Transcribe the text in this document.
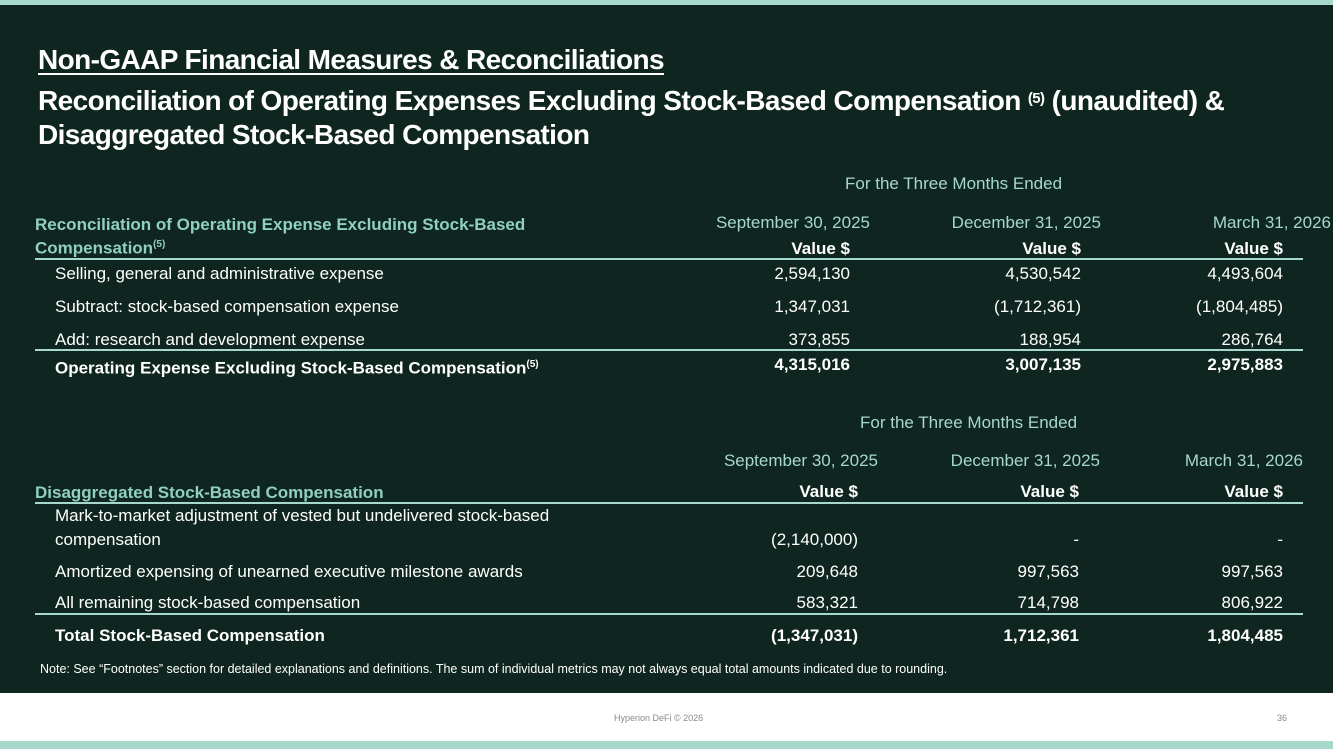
Non-GAAP Financial Measures & Reconciliations
Reconciliation of Operating Expenses Excluding Stock-Based Compensation $^{(5)}$ (unaudited) & Disaggregated Stock-Based Compensation
For the Three Months Ended
Reconciliation of Operating Expense Excluding Stock-Based Compensation$^{(5)}$
September 30, 2025	December 31, 2025	March 31, 2026
Value $	Value $	Value $
Selling, general and administrative expense	2,594,130	4,530,542	4,493,604
Subtract: stock-based compensation expense	1,347,031	(1,712,361)	(1,804,485)
Add: research and development expense	373,855	188,954	286,764
Operating Expense Excluding Stock-Based Compensation$^{(5)}$	4,315,016	3,007,135	2,975,883
For the Three Months Ended
September 30, 2025	December 31, 2025	March 31, 2026
Disaggregated Stock-Based Compensation	Value $	Value $	Value $
Mark-to-market adjustment of vested but undelivered stock-based
compensation	(2,140,000)	-	-
Amortized expensing of unearned executive milestone awards	209,648	997,563	997,563
All remaining stock-based compensation	583,321	714,798	806,922
Total Stock-Based Compensation	(1,347,031)	1,712,361	1,804,485
Note: See “Footnotes” section for detailed explanations and definitions. The sum of individual metrics may not always equal total amounts indicated due to rounding.
Hyperion DeFi © 2026	36
